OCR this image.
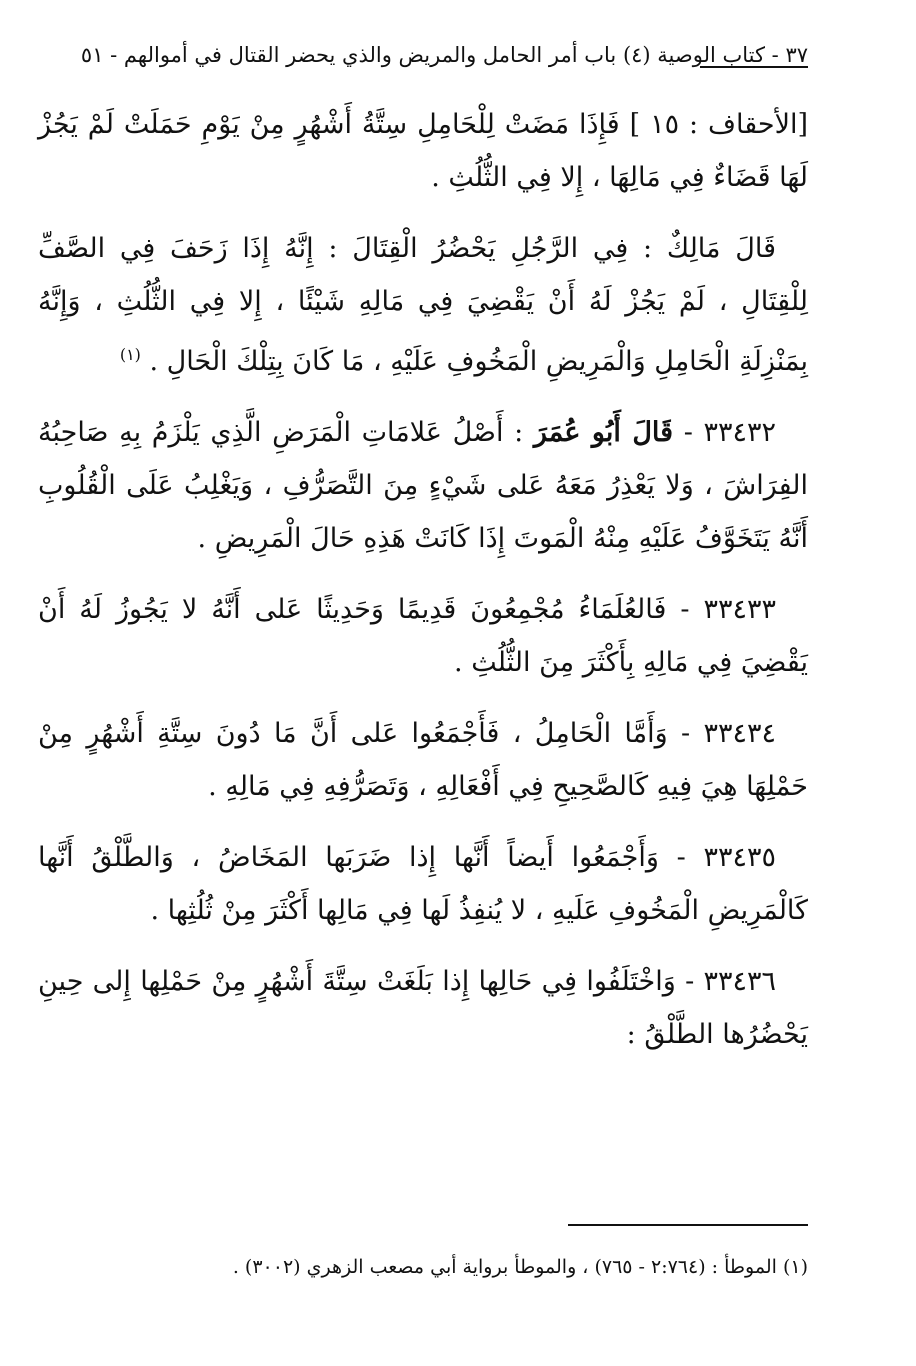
٣٧ - كتاب الوصية (٤) باب أمر الحامل والمريض والذي يحضر القتال في أموالهم - ٥١

[الأحقاف : ١٥ ] فَإِذَا مَضَتْ لِلْحَامِلِ سِتَّةُ أَشْهُرٍ مِنْ يَوْمِ حَمَلَتْ لَمْ يَجُزْ لَهَا قَضَاءٌ فِي مَالِهَا ، إِلا فِي الثُّلُثِ .

قَالَ مَالِكٌ : فِي الرَّجُلِ يَحْضُرُ الْقِتَالَ : إِنَّهُ إِذَا زَحَفَ فِي الصَّفِّ لِلْقِتَالِ ، لَمْ يَجُزْ لَهُ أَنْ يَقْضِيَ فِي مَالِهِ شَيْئًا ، إِلا فِي الثُّلُثِ ، وَإِنَّهُ بِمَنْزِلَةِ الْحَامِلِ وَالْمَرِيضِ الْمَخُوفِ عَلَيْهِ ، مَا كَانَ بِتِلْكَ الْحَالِ . $^{(١)}$

٣٣٤٣٢ - قَالَ أَبُو عُمَرَ : أَصْلُ عَلامَاتِ الْمَرَضِ الَّذِي يَلْزَمُ بِهِ صَاحِبُهُ الفِرَاشَ ، وَلا يَعْذِرُ مَعَهُ عَلى شَيْءٍ مِنَ التَّصَرُّفِ ، وَيَغْلِبُ عَلَى الْقُلُوبِ أَنَّهُ يَتَخَوَّفُ عَلَيْهِ مِنْهُ الْمَوتَ إِذَا كَانَتْ هَذِهِ حَالَ الْمَرِيضِ .

٣٣٤٣٣ - فَالعُلَمَاءُ مُجْمِعُونَ قَدِيمًا وَحَدِيثًا عَلى أَنَّهُ لا يَجُوزُ لَهُ أَنْ يَقْضِيَ فِي مَالِهِ بِأَكْثَرَ مِنَ الثُّلُثِ .

٣٣٤٣٤ - وَأَمَّا الْحَامِلُ ، فَأَجْمَعُوا عَلى أَنَّ مَا دُونَ سِتَّةِ أَشْهُرٍ مِنْ حَمْلِهَا هِيَ فِيهِ كَالصَّحِيحِ فِي أَفْعَالِهِ ، وَتَصَرُّفِهِ فِي مَالِهِ .

٣٣٤٣٥ - وَأَجْمَعُوا أَيضاً أَنَّها إِذا ضَرَبَها المَخَاضُ ، وَالطَّلْقُ أَنَّها كَالْمَرِيضِ الْمَخُوفِ عَلَيهِ ، لا يُنفِذُ لَها فِي مَالِها أَكْثَرَ مِنْ ثُلُثِها .

٣٣٤٣٦ - وَاخْتَلَفُوا فِي حَالِها إِذا بَلَغَتْ سِتَّةَ أَشْهُرٍ مِنْ حَمْلِها إِلى حِينِ يَحْضُرُها الطَّلْقُ :

(١) الموطأ : (٢:٧٦٤ - ٧٦٥) ، والموطأ برواية أبي مصعب الزهري (٣٠٠٢) .
